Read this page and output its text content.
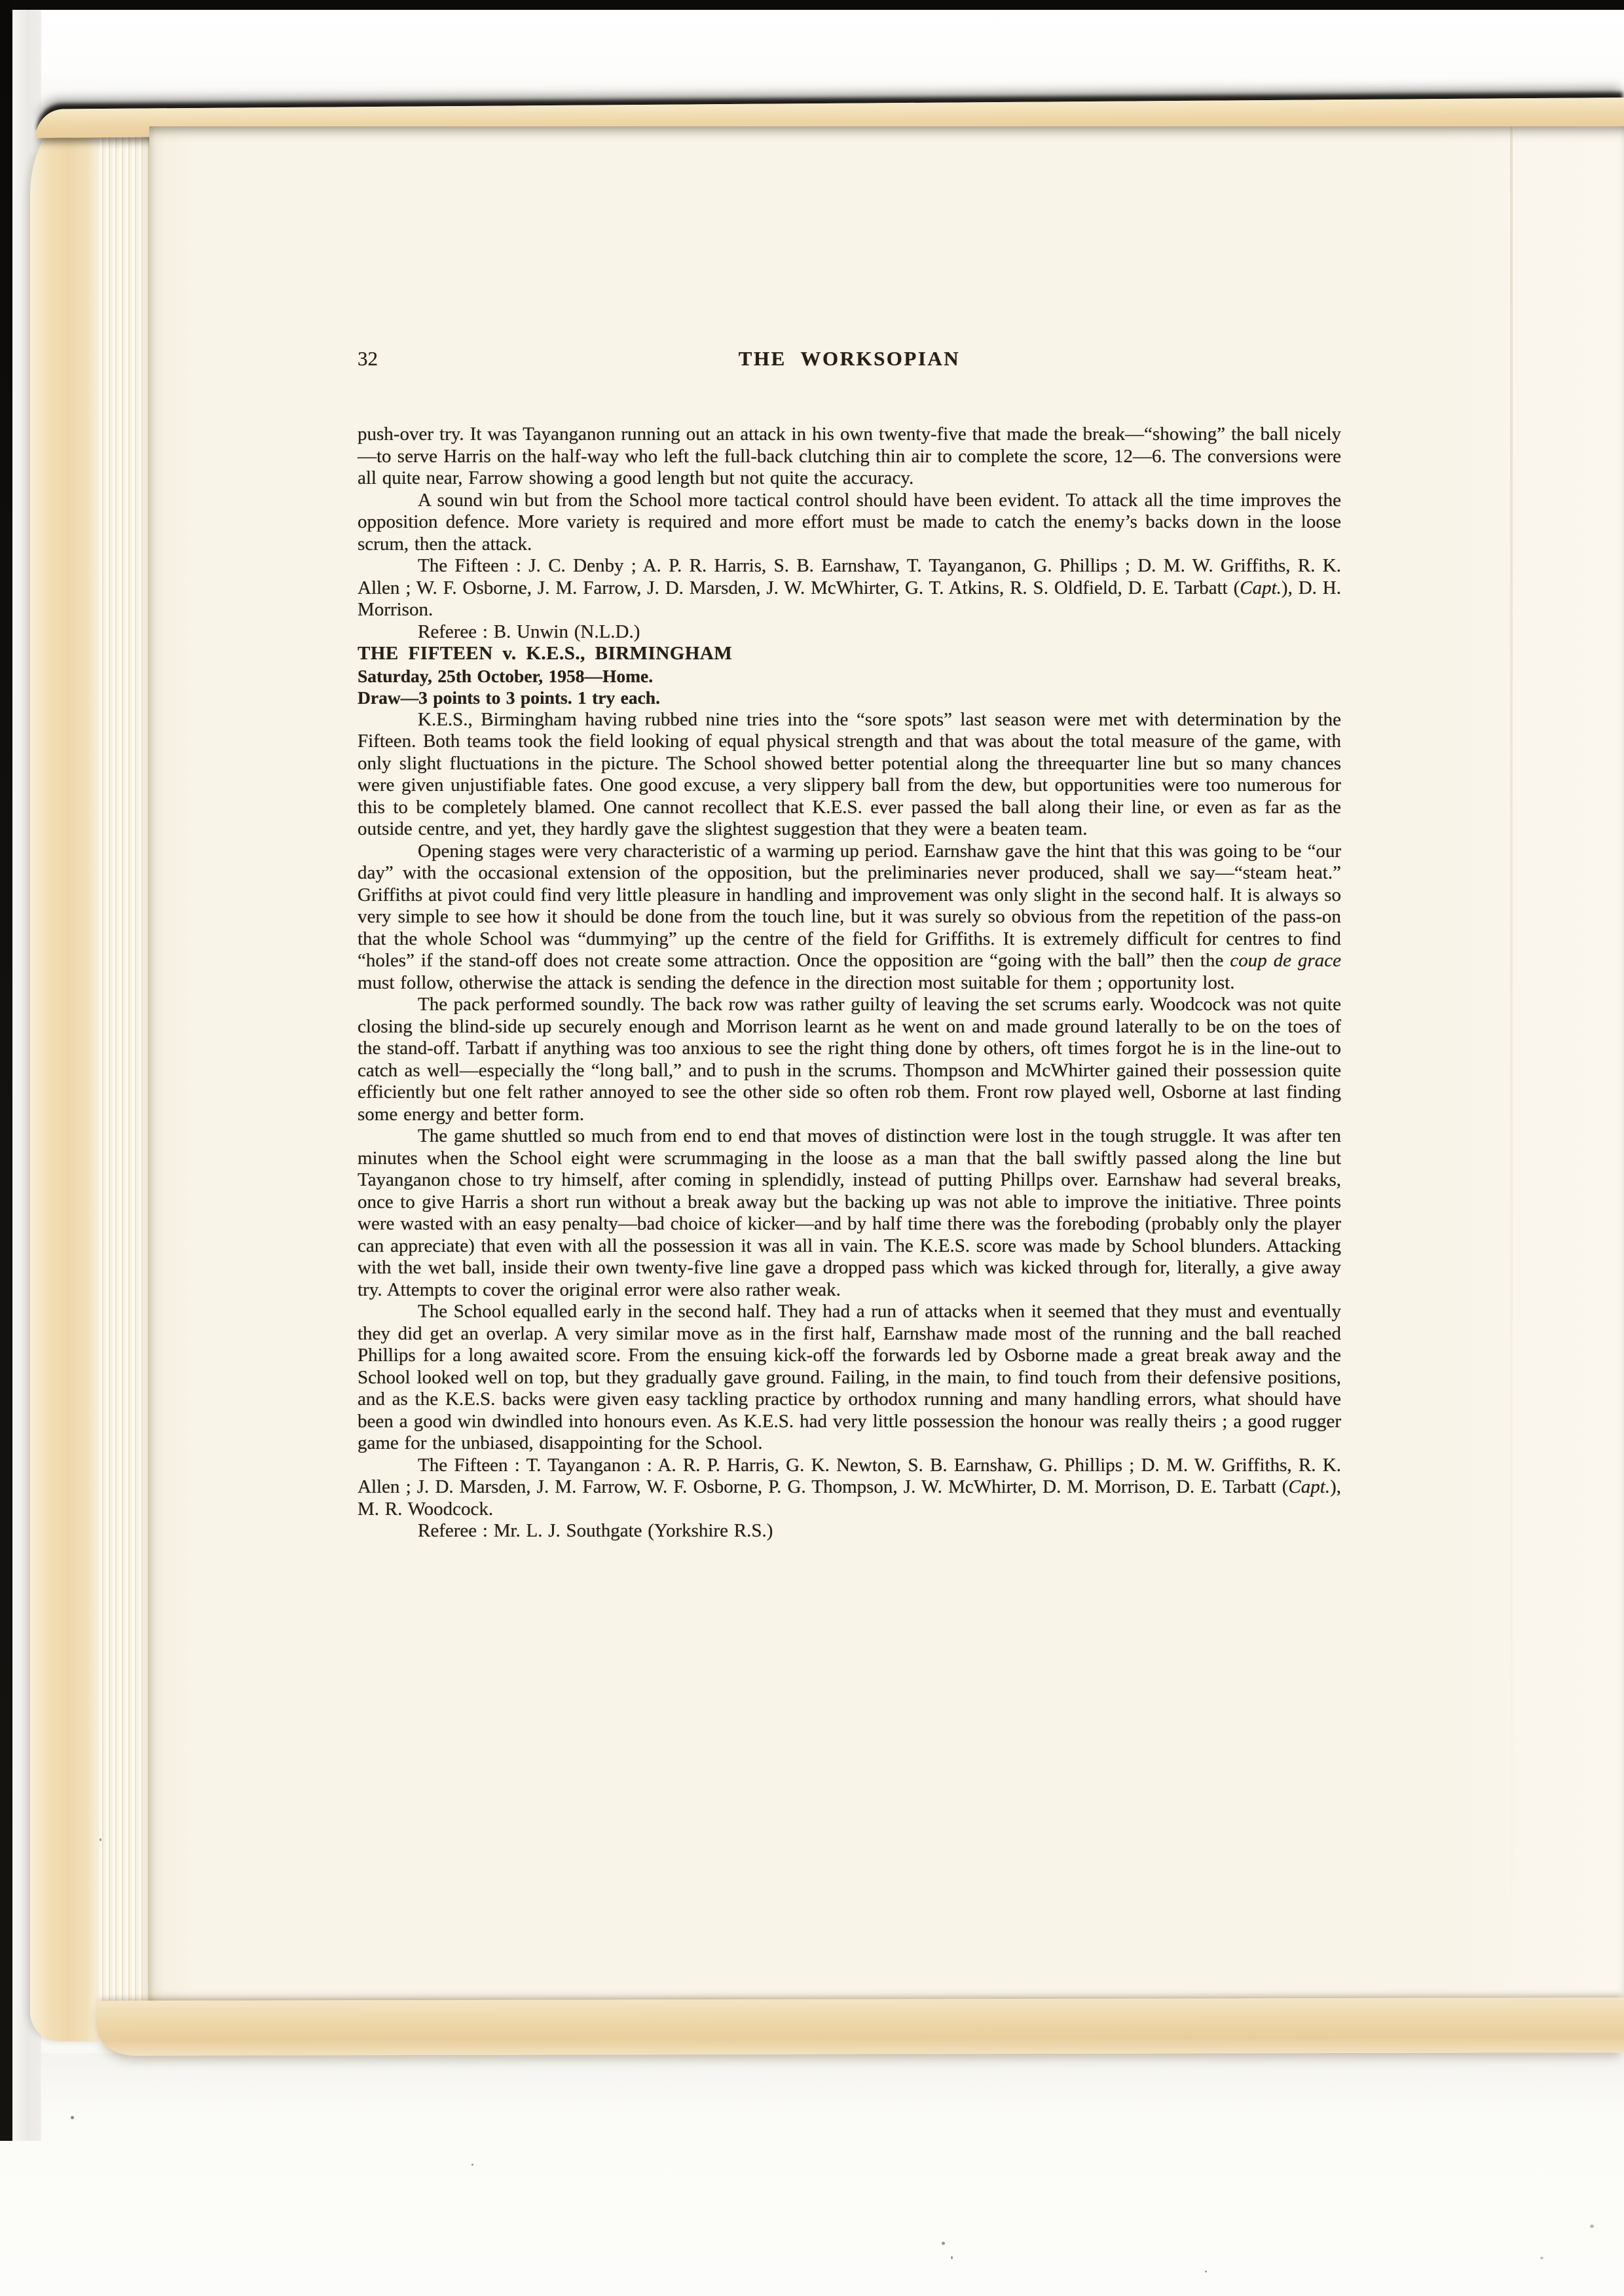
32	THE WORKSOPIAN

push-over try. It was Tayanganon running out an attack in his own twenty-five that made the break—“showing” the ball nicely—to serve Harris on the half-way who left the full-back clutching thin air to complete the score, 12—6. The conversions were all quite near, Farrow showing a good length but not quite the accuracy.

A sound win but from the School more tactical control should have been evident. To attack all the time improves the opposition defence. More variety is required and more effort must be made to catch the enemy’s backs down in the loose scrum, then the attack.

The Fifteen : J. C. Denby ; A. P. R. Harris, S. B. Earnshaw, T. Tayanganon, G. Phillips ; D. M. W. Griffiths, R. K. Allen ; W. F. Osborne, J. M. Farrow, J. D. Marsden, J. W. McWhirter, G. T. Atkins, R. S. Oldfield, D. E. Tarbatt (Capt.), D. H. Morrison.

Referee : B. Unwin (N.L.D.)

THE FIFTEEN v. K.E.S., BIRMINGHAM

Saturday, 25th October, 1958—Home.

Draw—3 points to 3 points. 1 try each.

K.E.S., Birmingham having rubbed nine tries into the “sore spots” last season were met with determination by the Fifteen. Both teams took the field looking of equal physical strength and that was about the total measure of the game, with only slight fluctuations in the picture. The School showed better potential along the threequarter line but so many chances were given unjustifiable fates. One good excuse, a very slippery ball from the dew, but opportunities were too numerous for this to be completely blamed. One cannot recollect that K.E.S. ever passed the ball along their line, or even as far as the outside centre, and yet, they hardly gave the slightest suggestion that they were a beaten team.

Opening stages were very characteristic of a warming up period. Earnshaw gave the hint that this was going to be “our day” with the occasional extension of the opposition, but the preliminaries never produced, shall we say—“steam heat.” Griffiths at pivot could find very little pleasure in handling and improvement was only slight in the second half. It is always so very simple to see how it should be done from the touch line, but it was surely so obvious from the repetition of the pass-on that the whole School was “dummying” up the centre of the field for Griffiths. It is extremely difficult for centres to find “holes” if the stand-off does not create some attraction. Once the opposition are “going with the ball” then the coup de grace must follow, otherwise the attack is sending the defence in the direction most suitable for them ; opportunity lost.

The pack performed soundly. The back row was rather guilty of leaving the set scrums early. Woodcock was not quite closing the blind-side up securely enough and Morrison learnt as he went on and made ground laterally to be on the toes of the stand-off. Tarbatt if anything was too anxious to see the right thing done by others, oft times forgot he is in the line-out to catch as well—especially the “long ball,” and to push in the scrums. Thompson and McWhirter gained their possession quite efficiently but one felt rather annoyed to see the other side so often rob them. Front row played well, Osborne at last finding some energy and better form.

The game shuttled so much from end to end that moves of distinction were lost in the tough struggle. It was after ten minutes when the School eight were scrummaging in the loose as a man that the ball swiftly passed along the line but Tayanganon chose to try himself, after coming in splendidly, instead of putting Phillps over. Earnshaw had several breaks, once to give Harris a short run without a break away but the backing up was not able to improve the initiative. Three points were wasted with an easy penalty—bad choice of kicker—and by half time there was the foreboding (probably only the player can appreciate) that even with all the possession it was all in vain. The K.E.S. score was made by School blunders. Attacking with the wet ball, inside their own twenty-five line gave a dropped pass which was kicked through for, literally, a give away try. Attempts to cover the original error were also rather weak.

The School equalled early in the second half. They had a run of attacks when it seemed that they must and eventually they did get an overlap. A very similar move as in the first half, Earnshaw made most of the running and the ball reached Phillips for a long awaited score. From the ensuing kick-off the forwards led by Osborne made a great break away and the School looked well on top, but they gradually gave ground. Failing, in the main, to find touch from their defensive positions, and as the K.E.S. backs were given easy tackling practice by orthodox running and many handling errors, what should have been a good win dwindled into honours even. As K.E.S. had very little possession the honour was really theirs ; a good rugger game for the unbiased, disappointing for the School.

The Fifteen : T. Tayanganon : A. R. P. Harris, G. K. Newton, S. B. Earnshaw, G. Phillips ; D. M. W. Griffiths, R. K. Allen ; J. D. Marsden, J. M. Farrow, W. F. Osborne, P. G. Thompson, J. W. McWhirter, D. M. Morrison, D. E. Tarbatt (Capt.), M. R. Woodcock.

Referee : Mr. L. J. Southgate (Yorkshire R.S.)
